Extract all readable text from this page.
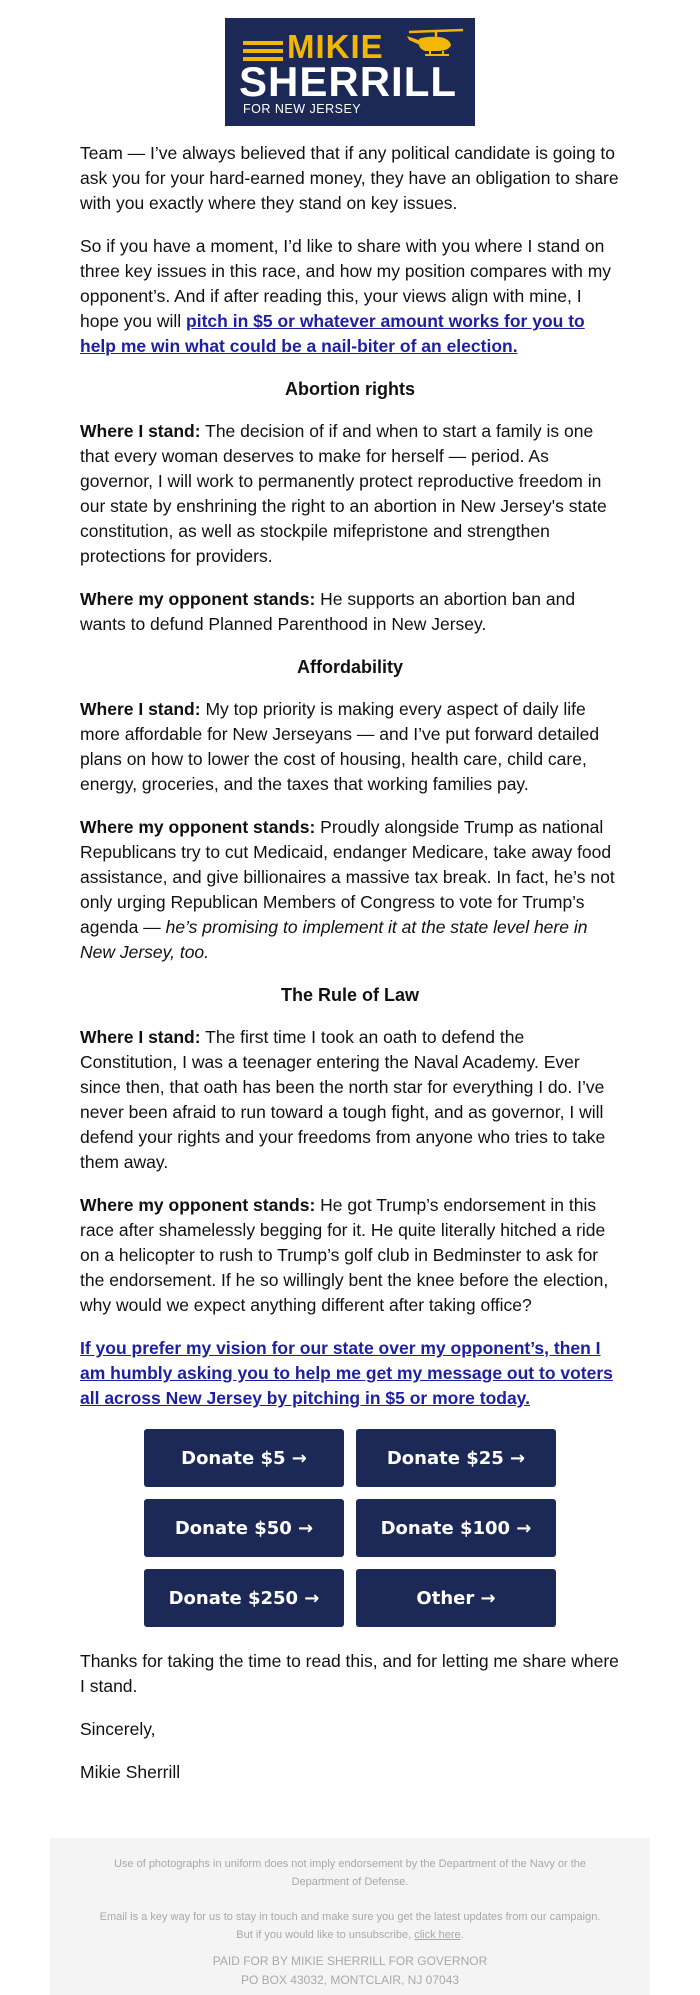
MIKIE
SHERRILL
FOR NEW JERSEY

Team — I’ve always believed that if any political candidate is going to ask you for your hard-earned money, they have an obligation to share with you exactly where they stand on key issues.

So if you have a moment, I’d like to share with you where I stand on three key issues in this race, and how my position compares with my opponent’s. And if after reading this, your views align with mine, I hope you will pitch in $5 or whatever amount works for you to help me win what could be a nail-biter of an election.

Abortion rights

Where I stand: The decision of if and when to start a family is one that every woman deserves to make for herself — period. As governor, I will work to permanently protect reproductive freedom in our state by enshrining the right to an abortion in New Jersey's state constitution, as well as stockpile mifepristone and strengthen protections for providers.

Where my opponent stands: He supports an abortion ban and wants to defund Planned Parenthood in New Jersey.

Affordability

Where I stand: My top priority is making every aspect of daily life more affordable for New Jerseyans — and I’ve put forward detailed plans on how to lower the cost of housing, health care, child care, energy, groceries, and the taxes that working families pay.

Where my opponent stands: Proudly alongside Trump as national Republicans try to cut Medicaid, endanger Medicare, take away food assistance, and give billionaires a massive tax break. In fact, he’s not only urging Republican Members of Congress to vote for Trump’s agenda — he’s promising to implement it at the state level here in New Jersey, too.

The Rule of Law

Where I stand: The first time I took an oath to defend the Constitution, I was a teenager entering the Naval Academy. Ever since then, that oath has been the north star for everything I do. I’ve never been afraid to run toward a tough fight, and as governor, I will defend your rights and your freedoms from anyone who tries to take them away.

Where my opponent stands: He got Trump’s endorsement in this race after shamelessly begging for it. He quite literally hitched a ride on a helicopter to rush to Trump’s golf club in Bedminster to ask for the endorsement. If he so willingly bent the knee before the election, why would we expect anything different after taking office?

If you prefer my vision for our state over my opponent’s, then I am humbly asking you to help me get my message out to voters all across New Jersey by pitching in $5 or more today.

Donate $5 →	Donate $25 →
Donate $50 →	Donate $100 →
Donate $250 →	Other →

Thanks for taking the time to read this, and for letting me share where I stand.

Sincerely,

Mikie Sherrill

Use of photographs in uniform does not imply endorsement by the Department of the Navy or the Department of Defense.
Email is a key way for us to stay in touch and make sure you get the latest updates from our campaign.
But if you would like to unsubscribe, click here.
PAID FOR BY MIKIE SHERRILL FOR GOVERNOR
PO BOX 43032, MONTCLAIR, NJ 07043
